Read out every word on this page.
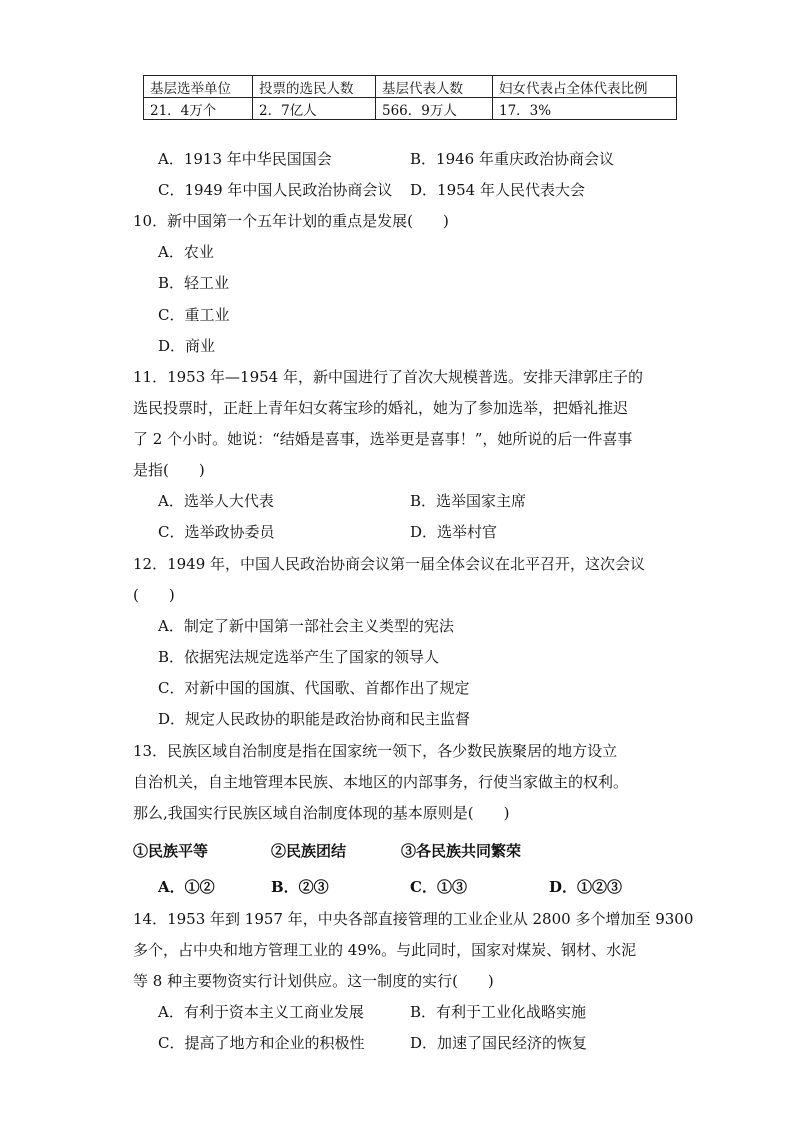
基层选举单位	投票的选民人数	基层代表人数	妇女代表占全体代表比例
21．4万个	2．7亿人	566．9万人	17．3%
A．1913 年中华民国国会	B．1946 年重庆政治协商会议
C．1949 年中国人民政治协商会议 D．1954 年人民代表大会
10．新中国第一个五年计划的重点是发展(　　)
A．农业
B．轻工业
C．重工业
D．商业
11．1953 年—1954 年，新中国进行了首次大规模普选。安排天津郭庄子的
选民投票时，正赶上青年妇女蒋宝珍的婚礼，她为了参加选举，把婚礼推迟
了 2 个小时。她说：“结婚是喜事，选举更是喜事！”，她所说的后一件喜事
是指(　　)
A．选举人大代表	B．选举国家主席
C．选举政协委员	D．选举村官
12．1949 年，中国人民政治协商会议第一届全体会议在北平召开，这次会议
(　　)
A．制定了新中国第一部社会主义类型的宪法
B．依据宪法规定选举产生了国家的领导人
C．对新中国的国旗、代国歌、首都作出了规定
D．规定人民政协的职能是政治协商和民主监督
13．民族区域自治制度是指在国家统一领下，各少数民族聚居的地方设立
自治机关，自主地管理本民族、本地区的内部事务，行使当家做主的权利。
那么,我国实行民族区域自治制度体现的基本原则是(　　)
①民族平等	②民族团结	③各民族共同繁荣
A．①②	B．②③	C．①③	D．①②③
14．1953 年到 1957 年，中央各部直接管理的工业企业从 2800 多个增加至 9300
多个，占中央和地方管理工业的 49%。与此同时，国家对煤炭、钢材、水泥
等 8 种主要物资实行计划供应。这一制度的实行(　　)
A．有利于资本主义工商业发展	B．有利于工业化战略实施
C．提高了地方和企业的积极性	D．加速了国民经济的恢复
